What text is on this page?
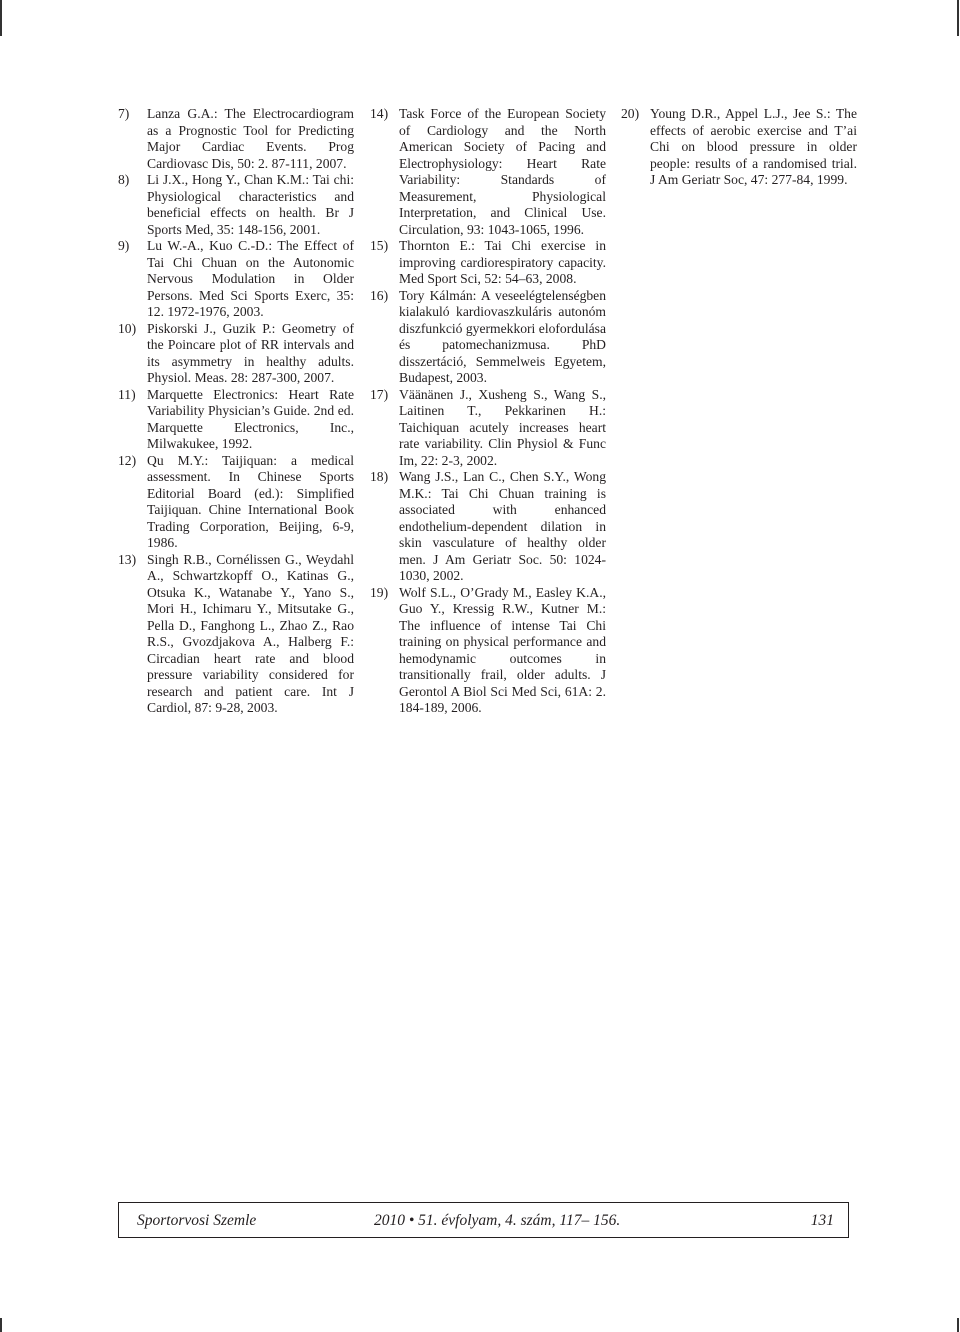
7)	Lanza G.A.: The Electrocardiogram as a Prognostic Tool for Predicting Major Cardiac Events. Prog Cardiovasc Dis, 50: 2. 87-111, 2007.
8)	Li J.X., Hong Y., Chan K.M.: Tai chi: Physiological characteristics and beneficial effects on health. Br J Sports Med, 35: 148-156, 2001.
9)	Lu W.-A., Kuo C.-D.: The Effect of Tai Chi Chuan on the Autonomic Nervous Modulation in Older Persons. Med Sci Sports Exerc, 35: 12. 1972-1976, 2003.
10) Piskorski J., Guzik P.: Geometry of the Poincare plot of RR intervals and its asymmetry in healthy adults. Physiol. Meas. 28: 287-300, 2007.
11) Marquette Electronics: Heart Rate Variability Physician’s Guide. 2nd ed. Marquette Electronics, Inc., Milwakukee, 1992.
12) Qu M.Y.: Taijiquan: a medical assessment. In Chinese Sports Editorial Board (ed.): Simplified Taijiquan. Chine International Book Trading Corporation, Beijing, 6-9, 1986.
13) Singh R.B., Cornélissen G., Weydahl A., Schwartzkopff O., Katinas G., Otsuka K., Watanabe Y., Yano S., Mori H., Ichimaru Y., Mitsutake G., Pella D., Fanghong L., Zhao Z., Rao R.S., Gvozdjakova A., Halberg F.: Circadian heart rate and blood pressure variability considered for research and patient care. Int J Cardiol, 87: 9-28, 2003.
14) Task Force of the European Society of Cardiology and the North American Society of Pacing and Electrophysiology: Heart Rate Variability: Standards of Measurement, Physiological Interpretation, and Clinical Use. Circulation, 93: 1043-1065, 1996.
15) Thornton E.: Tai Chi exercise in improving cardiorespiratory capacity. Med Sport Sci, 52: 54–63, 2008.
16) Tory Kálmán: A veseelégtelenségben kialakuló kardiovaszkuláris autonóm diszfunkció gyermekkori elofordulása és patomechanizmusa. PhD disszertáció, Semmelweis Egyetem, Budapest, 2003.
17) Väänänen J., Xusheng S., Wang S., Laitinen T., Pekkarinen H.: Taichiquan acutely increases heart rate variability. Clin Physiol & Func Im, 22: 2-3, 2002.
18) Wang J.S., Lan C., Chen S.Y., Wong M.K.: Tai Chi Chuan training is associated with enhanced endothelium-dependent dilation in skin vasculature of healthy older men. J Am Geriatr Soc. 50: 1024-1030, 2002.
19) Wolf S.L., O’Grady M., Easley K.A., Guo Y., Kressig R.W., Kutner M.: The influence of intense Tai Chi training on physical performance and hemodynamic outcomes in transitionally frail, older adults. J Gerontol A Biol Sci Med Sci, 61A: 2. 184-189, 2006.
20) Young D.R., Appel L.J., Jee S.: The effects of aerobic exercise and T’ai Chi on blood pressure in older people: results of a randomised trial. J Am Geriatr Soc, 47: 277-84, 1999.
Sportorvosi Szemle	2010 • 51. évfolyam, 4. szám, 117– 156.	131
